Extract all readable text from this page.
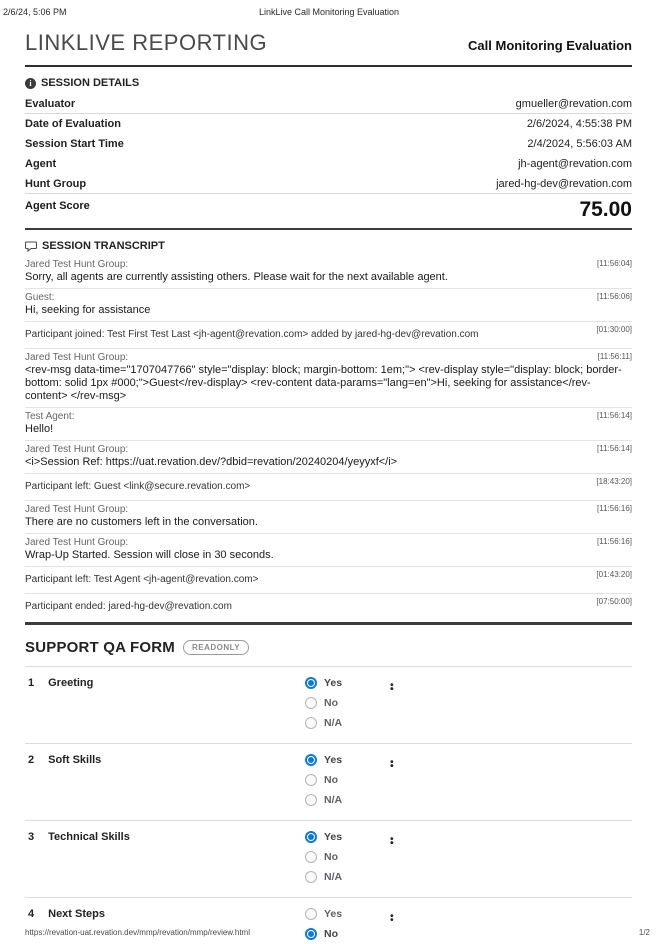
2/6/24, 5:06 PM	LinkLive Call Monitoring Evaluation
LINKLIVE REPORTING	Call Monitoring Evaluation
i SESSION DETAILS
Evaluator	gmueller@revation.com
Date of Evaluation	2/6/2024, 4:55:38 PM
Session Start Time	2/4/2024, 5:56:03 AM
Agent	jh-agent@revation.com
Hunt Group	jared-hg-dev@revation.com
Agent Score	75.00
SESSION TRANSCRIPT
Jared Test Hunt Group:
Sorry, all agents are currently assisting others. Please wait for the next available agent.
[11:56:04]
Guest:
Hi, seeking for assistance
[11:56:06]
Participant joined: Test First Test Last <jh-agent@revation.com> added by jared-hg-dev@revation.com	[01:30:00]
Jared Test Hunt Group:
<rev-msg data-time="1707047766" style="display: block; margin-bottom: 1em;"> <rev-display style="display: block; border-bottom: solid 1px #000;">Guest</rev-display> <rev-content data-params="lang=en">Hi, seeking for assistance</rev-content> </rev-msg>
[11:56:11]
Test Agent:
Hello!
[11:56:14]
Jared Test Hunt Group:
<i>Session Ref: https://uat.revation.dev/?dbid=revation/20240204/yeyyxf</i>
[11:56:14]
Participant left: Guest <link@secure.revation.com>	[18:43:20]
Jared Test Hunt Group:
There are no customers left in the conversation.
[11:56:16]
Jared Test Hunt Group:
Wrap-Up Started. Session will close in 30 seconds.
[11:56:16]
Participant left: Test Agent <jh-agent@revation.com>	[01:43:20]
Participant ended: jared-hg-dev@revation.com	[07:50:00]
SUPPORT QA FORM	READONLY
1 Greeting	Yes
No
N/A
2 Soft Skills	Yes
No
N/A
3 Technical Skills	Yes
No
N/A
4 Next Steps	Yes
No
https://revation-uat.revation.dev/mmp/revation/mmp/review.html	1/2
